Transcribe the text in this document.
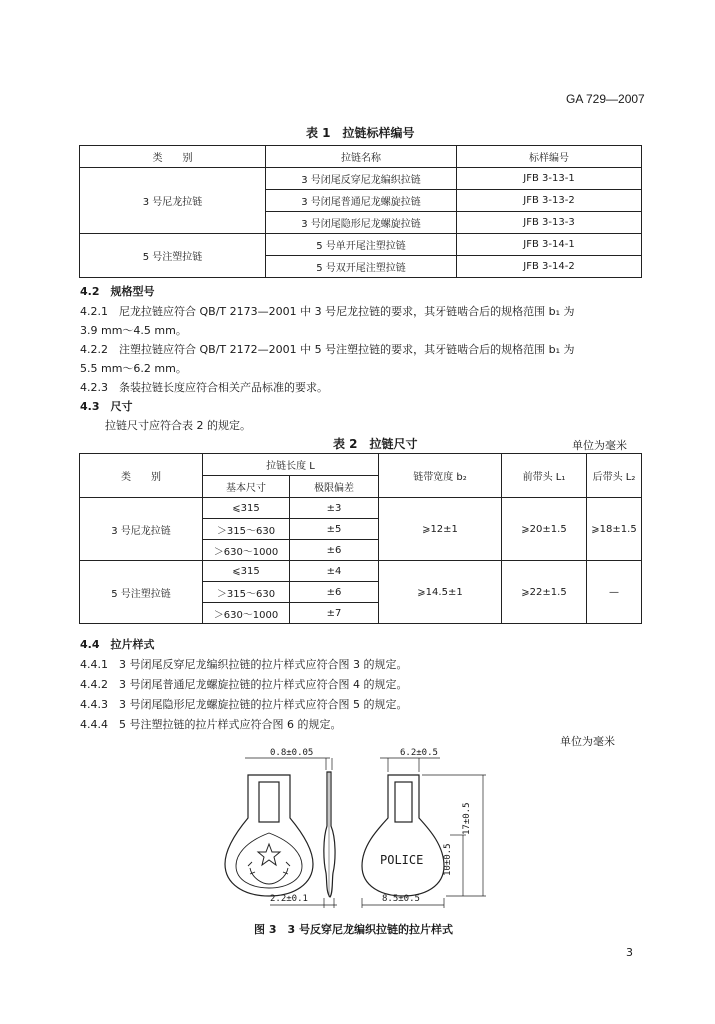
GA 729—2007
表 1　拉链标样编号
类　　别	拉链名称	标样编号
3 号尼龙拉链	3 号闭尾反穿尼龙编织拉链	JFB 3-13-1
	3 号闭尾普通尼龙螺旋拉链	JFB 3-13-2
	3 号闭尾隐形尼龙螺旋拉链	JFB 3-13-3
5 号注塑拉链	5 号单开尾注塑拉链	JFB 3-14-1
	5 号双开尾注塑拉链	JFB 3-14-2
4.2　规格型号
4.2.1　尼龙拉链应符合 QB/T 2173—2001 中 3 号尼龙拉链的要求，其牙链啮合后的规格范围 b₁ 为
3.9 mm～4.5 mm。
4.2.2　注塑拉链应符合 QB/T 2172—2001 中 5 号注塑拉链的要求，其牙链啮合后的规格范围 b₁ 为
5.5 mm～6.2 mm。
4.2.3　条装拉链长度应符合相关产品标准的要求。
4.3　尺寸
拉链尺寸应符合表 2 的规定。
表 2　拉链尺寸	单位为毫米
类　　别	拉链长度 L		链带宽度 b₂	前带头 L₁	后带头 L₂
	基本尺寸	极限偏差			
3 号尼龙拉链	⩽315	±3	⩾12±1	⩾20±1.5	⩾18±1.5
	＞315～630	±5			
	＞630～1000	±6			
5 号注塑拉链	⩽315	±4	⩾14.5±1	⩾22±1.5	—
	＞315～630	±6			
	＞630～1000	±7			
4.4　拉片样式
4.4.1　3 号闭尾反穿尼龙编织拉链的拉片样式应符合图 3 的规定。
4.4.2　3 号闭尾普通尼龙螺旋拉链的拉片样式应符合图 4 的规定。
4.4.3　3 号闭尾隐形尼龙螺旋拉链的拉片样式应符合图 5 的规定。
4.4.4　5 号注塑拉链的拉片样式应符合图 6 的规定。
单位为毫米
0.8±0.05	6.2±0.5
2.2±0.1	8.5±0.5
17±0.5
10±0.5
POLICE
图 3　3 号反穿尼龙编织拉链的拉片样式
3
